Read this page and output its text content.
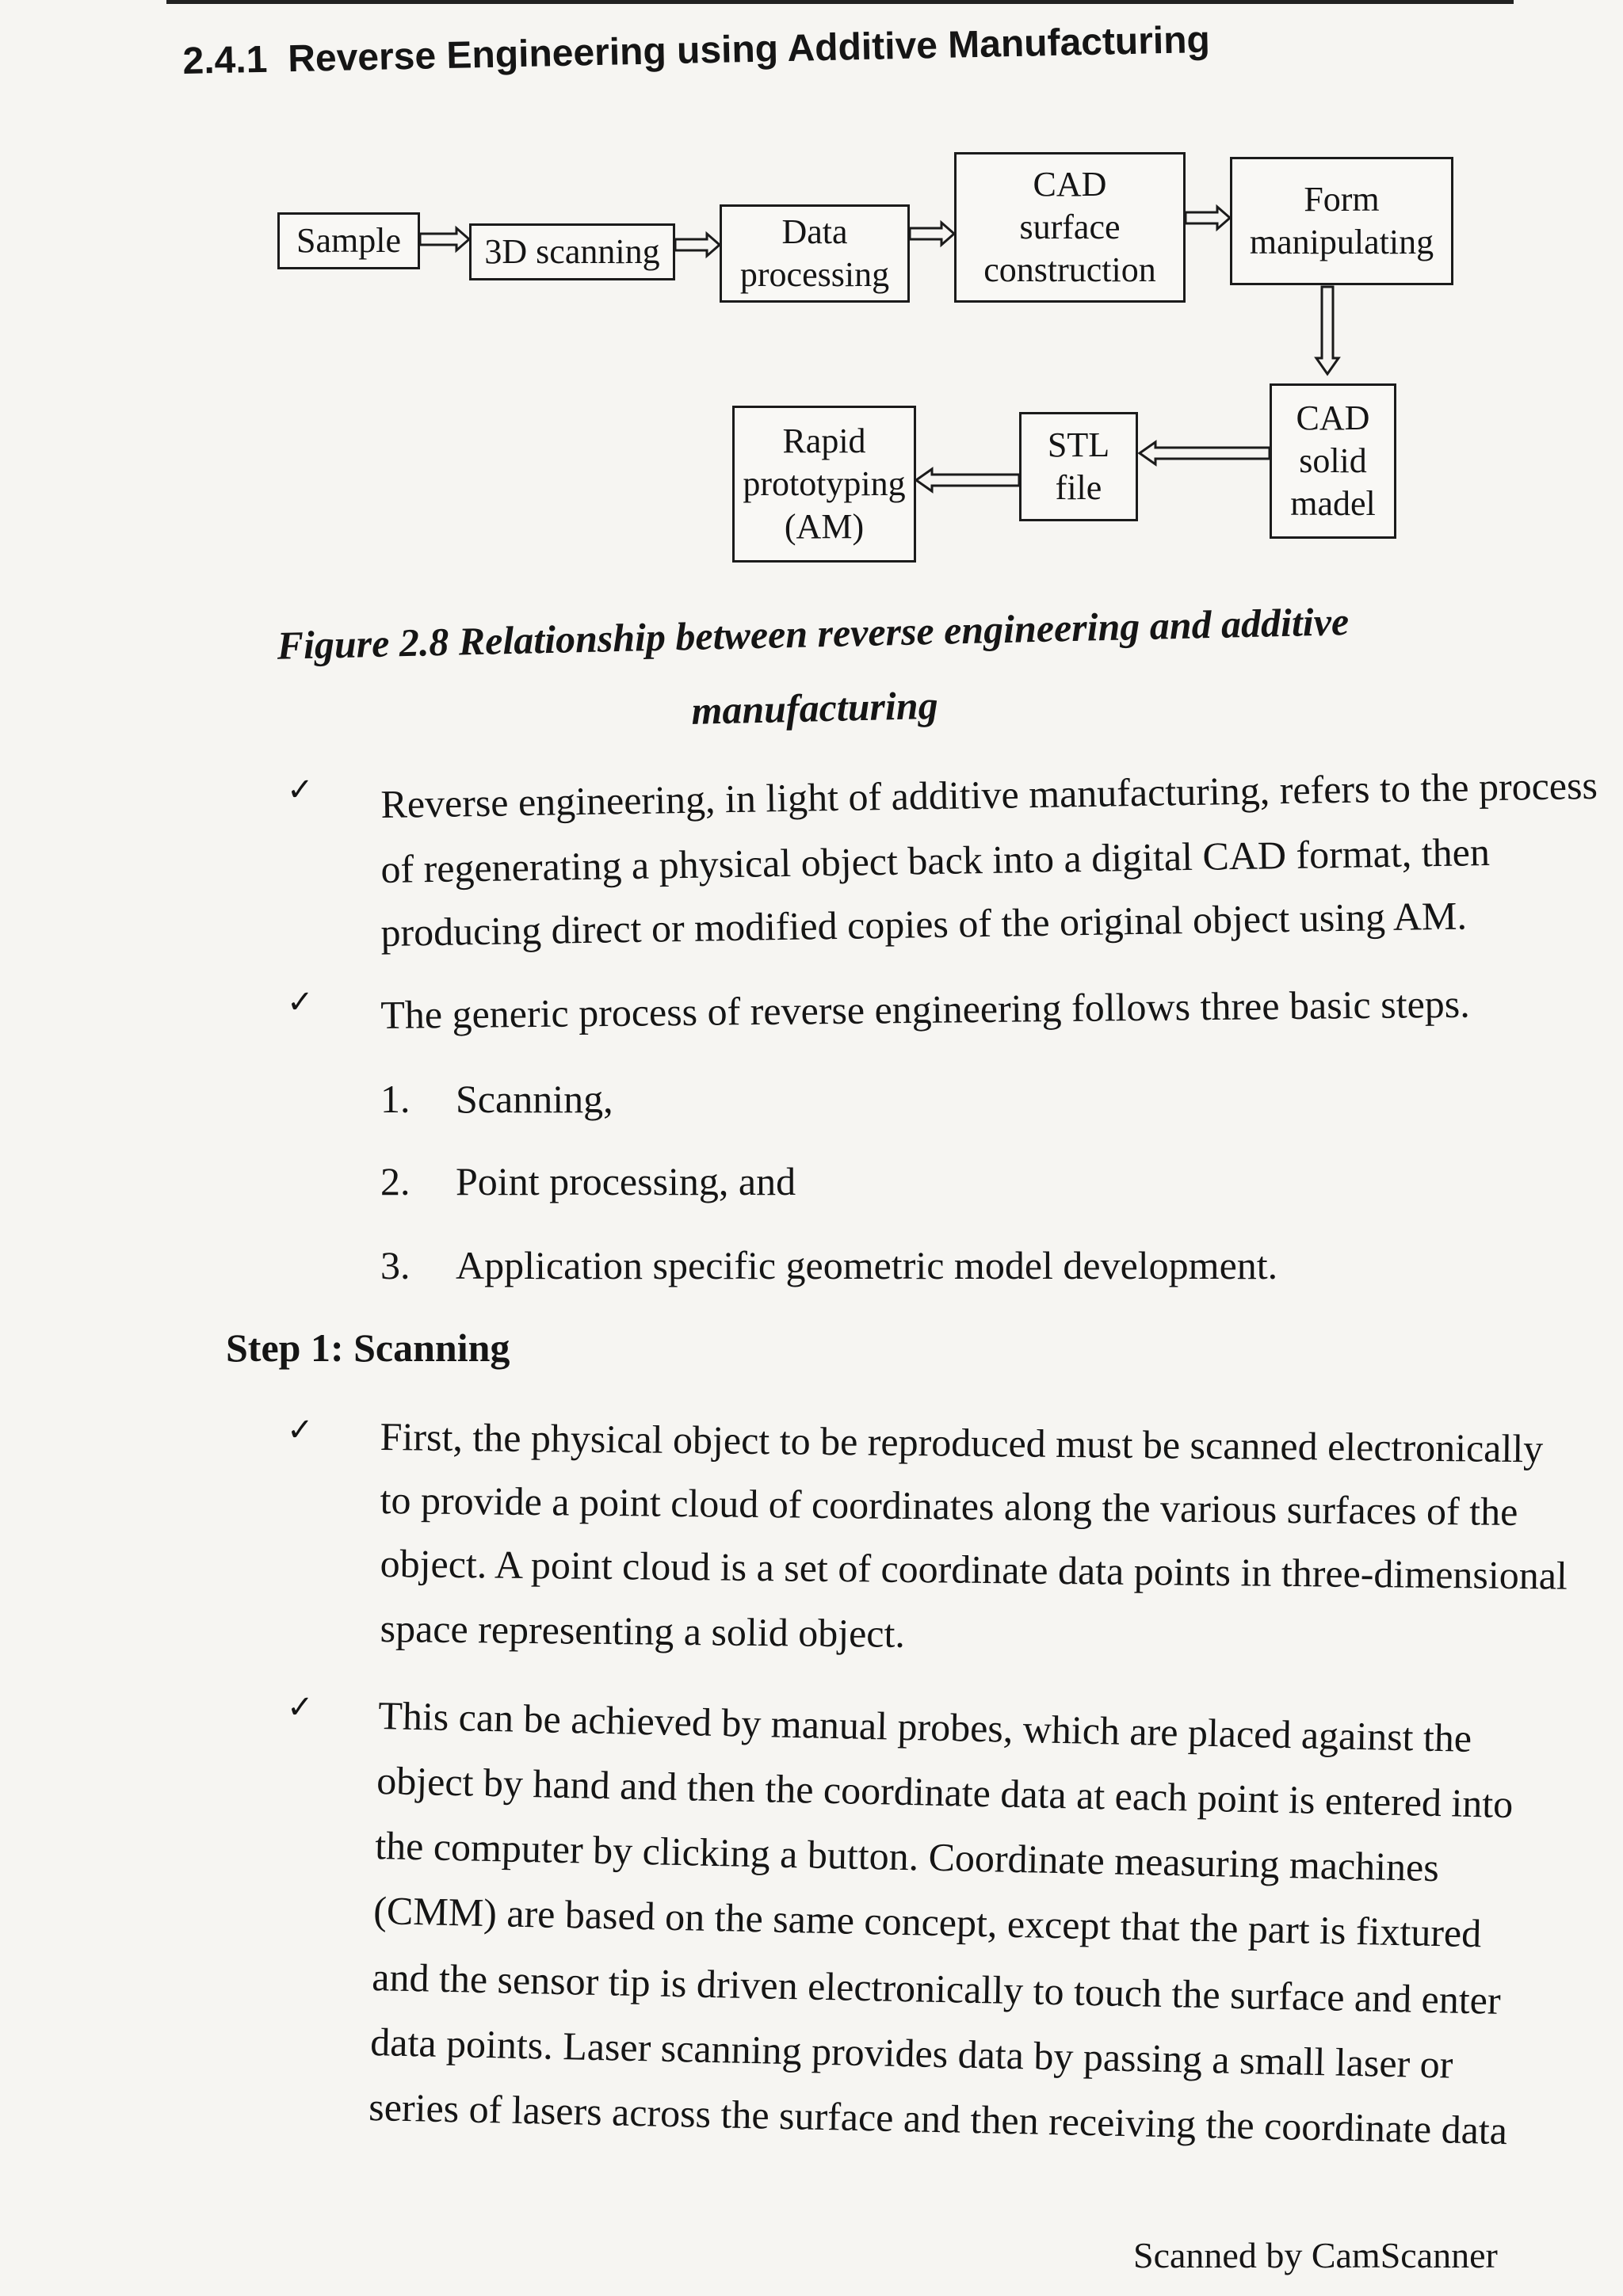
2.4.1 Reverse Engineering using Additive Manufacturing
Sample 3D scanning
Data
processing
CAD
surface
construction
Form
manipulating
CAD
solid
madel
STL
file
Rapid
prototyping
(AM)
Figure 2.8 Relationship between reverse engineering and additive
manufacturing
✓ Reverse engineering, in light of additive manufacturing, refers to the process
of regenerating a physical object back into a digital CAD format, then
producing direct or modified copies of the original object using AM.
✓ The generic process of reverse engineering follows three basic steps.
1. Scanning,
2. Point processing, and
3. Application specific geometric model development.
Step 1: Scanning
✓ First, the physical object to be reproduced must be scanned electronically
to provide a point cloud of coordinates along the various surfaces of the
object. A point cloud is a set of coordinate data points in three-dimensional
space representing a solid object.
✓ This can be achieved by manual probes, which are placed against the
object by hand and then the coordinate data at each point is entered into
the computer by clicking a button. Coordinate measuring machines
(CMM) are based on the same concept, except that the part is fixtured
and the sensor tip is driven electronically to touch the surface and enter
data points. Laser scanning provides data by passing a small laser or
series of lasers across the surface and then receiving the coordinate data
Scanned by CamScanner
